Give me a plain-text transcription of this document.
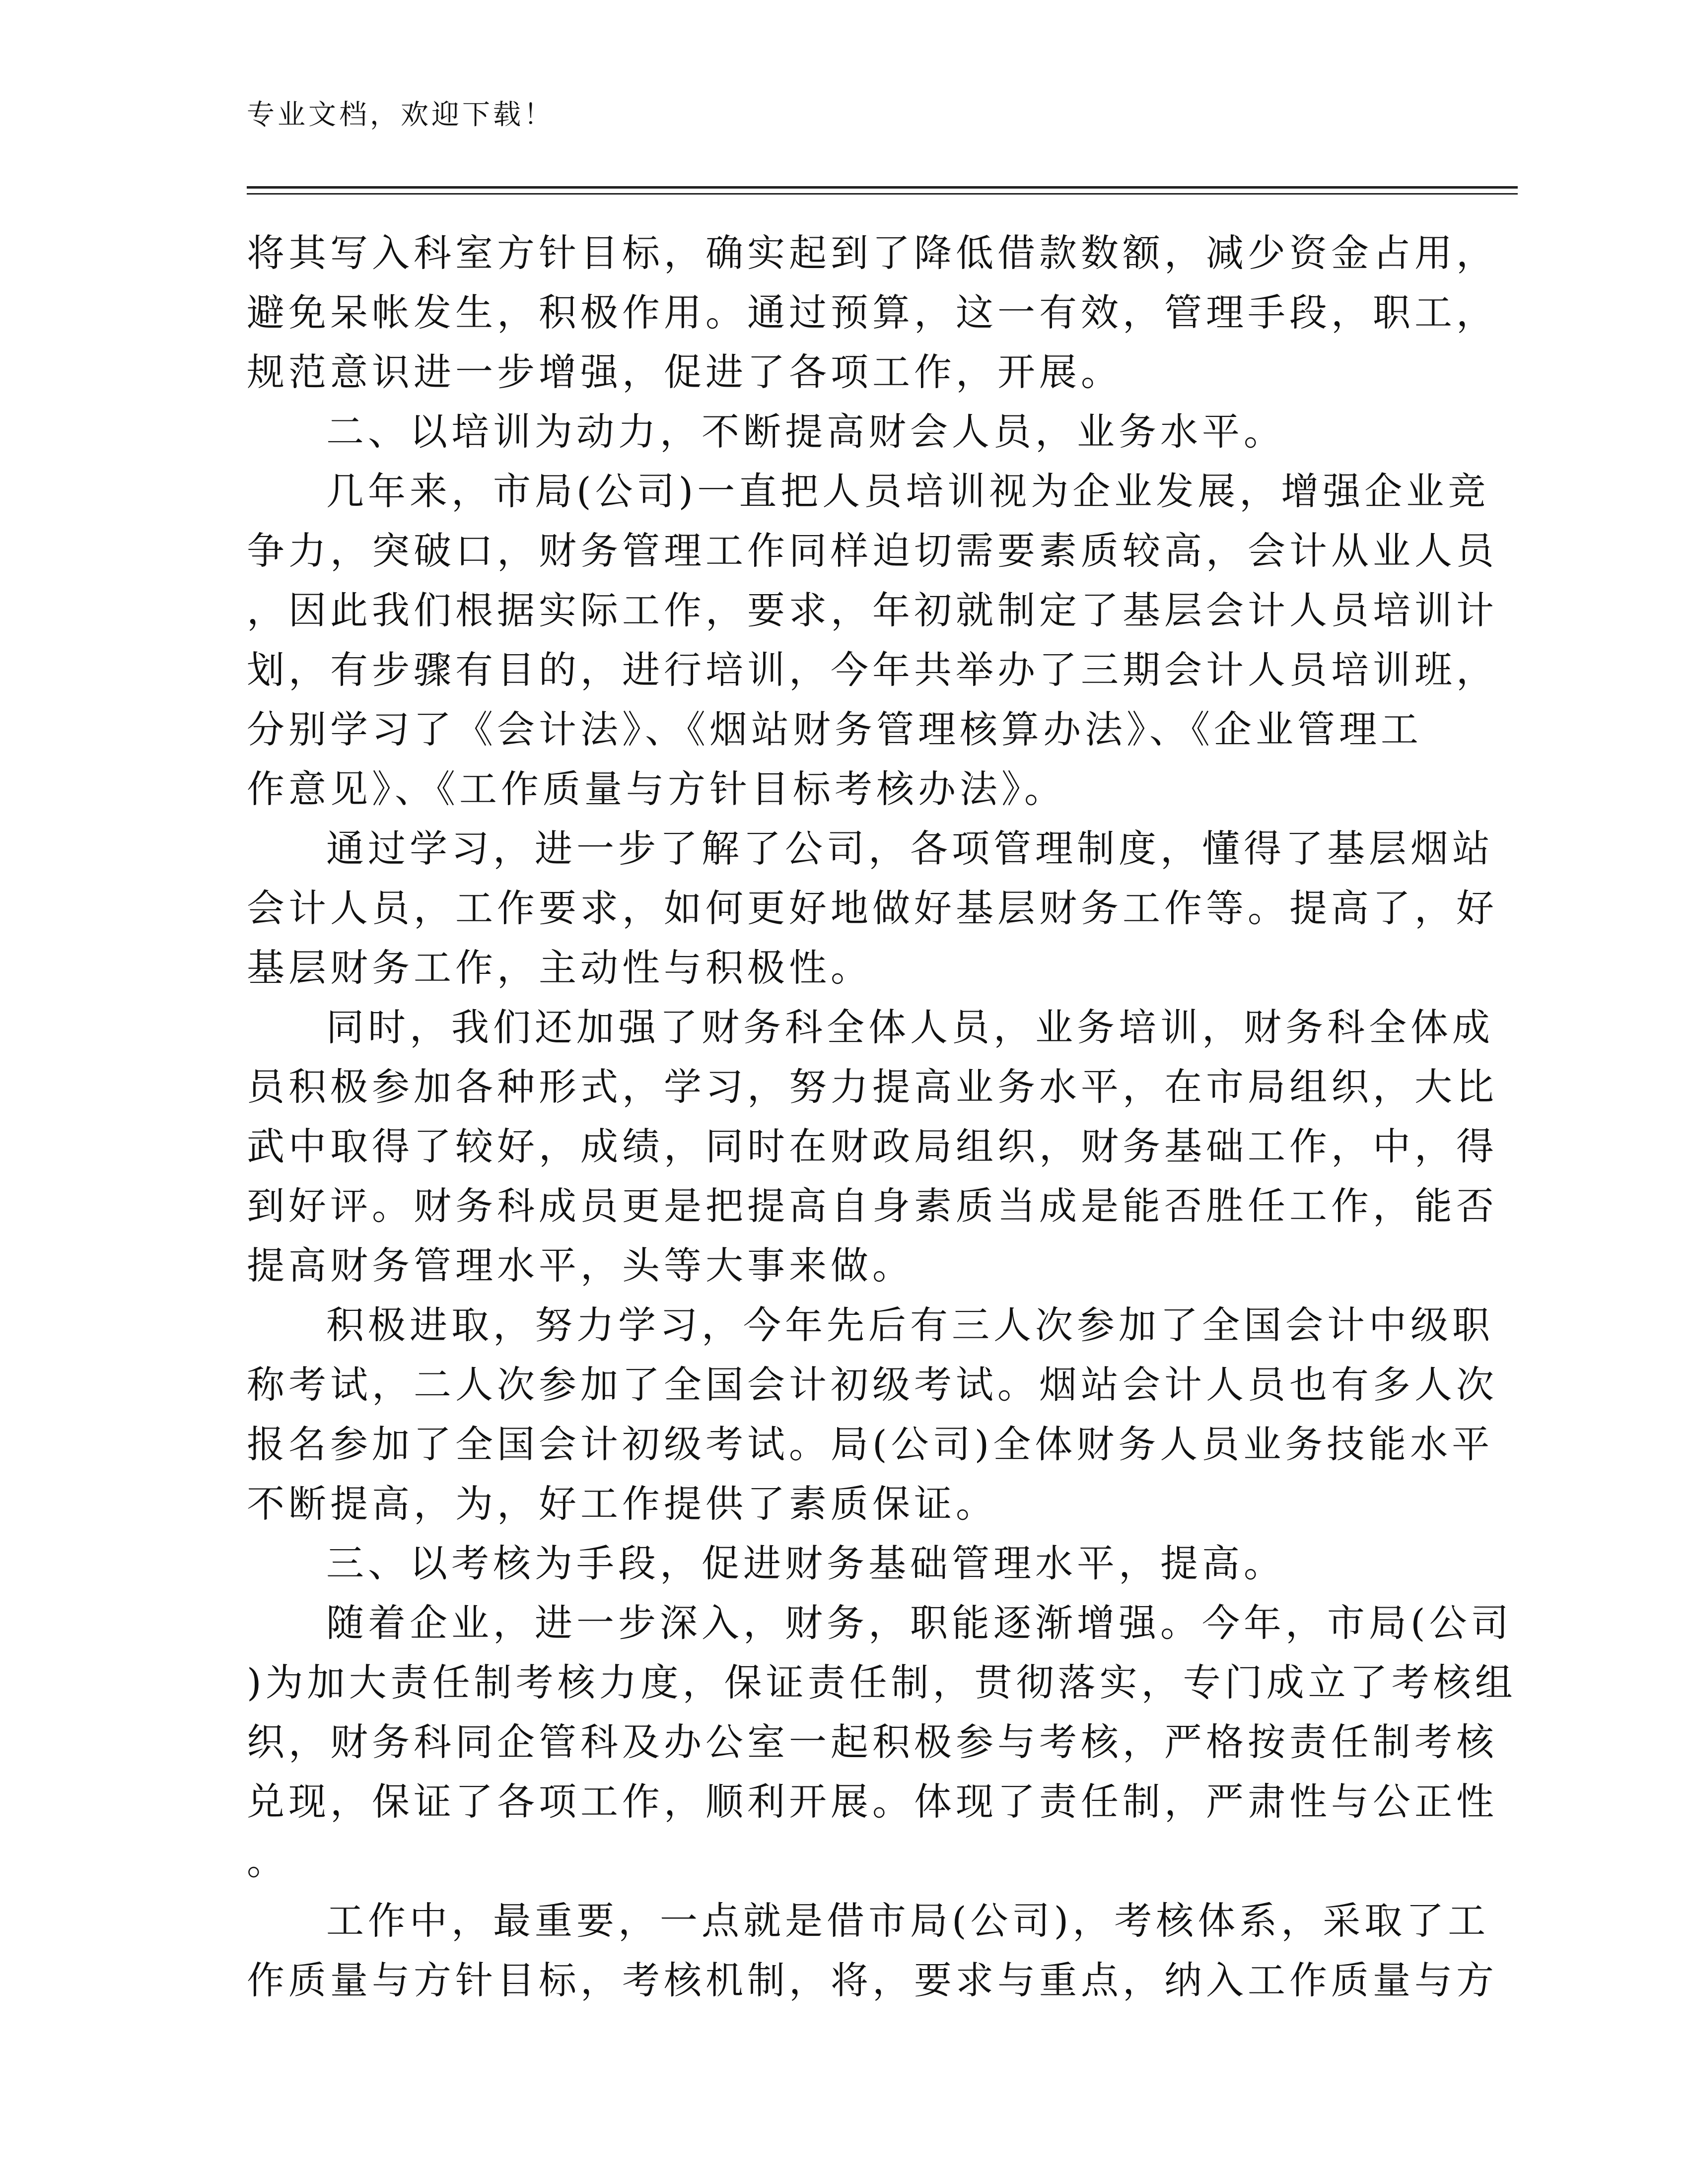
专业文档，欢迎下载！
将其写入科室方针目标，确实起到了降低借款数额，减少资金占用，
避免呆帐发生，积极作用。通过预算，这一有效，管理手段，职工，
规范意识进一步增强，促进了各项工作，开展。
二、以培训为动力，不断提高财会人员，业务水平。
几年来，市局(公司)一直把人员培训视为企业发展，增强企业竞
争力，突破口，财务管理工作同样迫切需要素质较高，会计从业人员
，因此我们根据实际工作，要求，年初就制定了基层会计人员培训计
划，有步骤有目的，进行培训，今年共举办了三期会计人员培训班，
分别学习了《会计法》、《烟站财务管理核算办法》、《企业管理工
作意见》、《工作质量与方针目标考核办法》。
通过学习，进一步了解了公司，各项管理制度，懂得了基层烟站
会计人员，工作要求，如何更好地做好基层财务工作等。提高了，好
基层财务工作，主动性与积极性。
同时，我们还加强了财务科全体人员，业务培训，财务科全体成
员积极参加各种形式，学习，努力提高业务水平，在市局组织，大比
武中取得了较好，成绩，同时在财政局组织，财务基础工作，中，得
到好评。财务科成员更是把提高自身素质当成是能否胜任工作，能否
提高财务管理水平，头等大事来做。
积极进取，努力学习，今年先后有三人次参加了全国会计中级职
称考试，二人次参加了全国会计初级考试。烟站会计人员也有多人次
报名参加了全国会计初级考试。局(公司)全体财务人员业务技能水平
不断提高，为，好工作提供了素质保证。
三、以考核为手段，促进财务基础管理水平，提高。
随着企业，进一步深入，财务，职能逐渐增强。今年，市局(公司
)为加大责任制考核力度，保证责任制，贯彻落实，专门成立了考核组
织，财务科同企管科及办公室一起积极参与考核，严格按责任制考核
兑现，保证了各项工作，顺利开展。体现了责任制，严肃性与公正性
。
工作中，最重要，一点就是借市局(公司)，考核体系，采取了工
作质量与方针目标，考核机制，将，要求与重点，纳入工作质量与方
